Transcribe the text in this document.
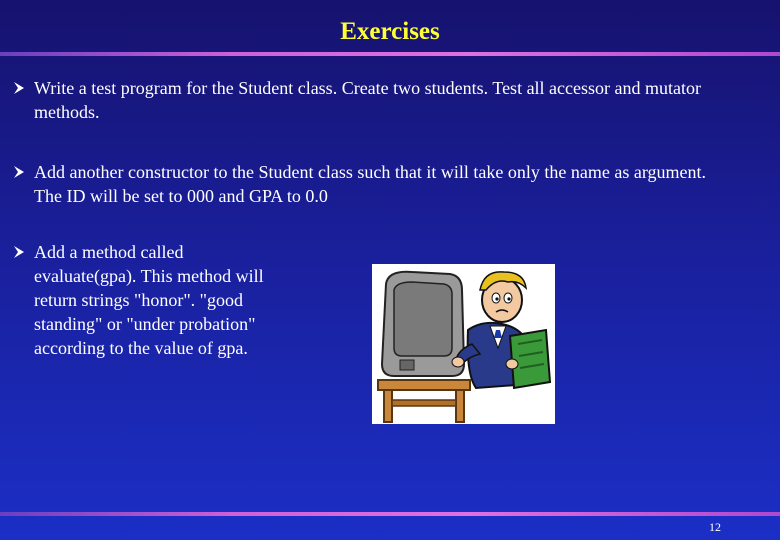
Exercises
Write a test program for the Student class. Create two students. Test all accessor and mutator methods.
Add another constructor to the Student class such that it will take only the name as argument. The ID will be set to 000 and GPA to 0.0
Add a method called evaluate(gpa). This method will return strings "honor". "good standing" or "under probation" according to the value of gpa.
12
